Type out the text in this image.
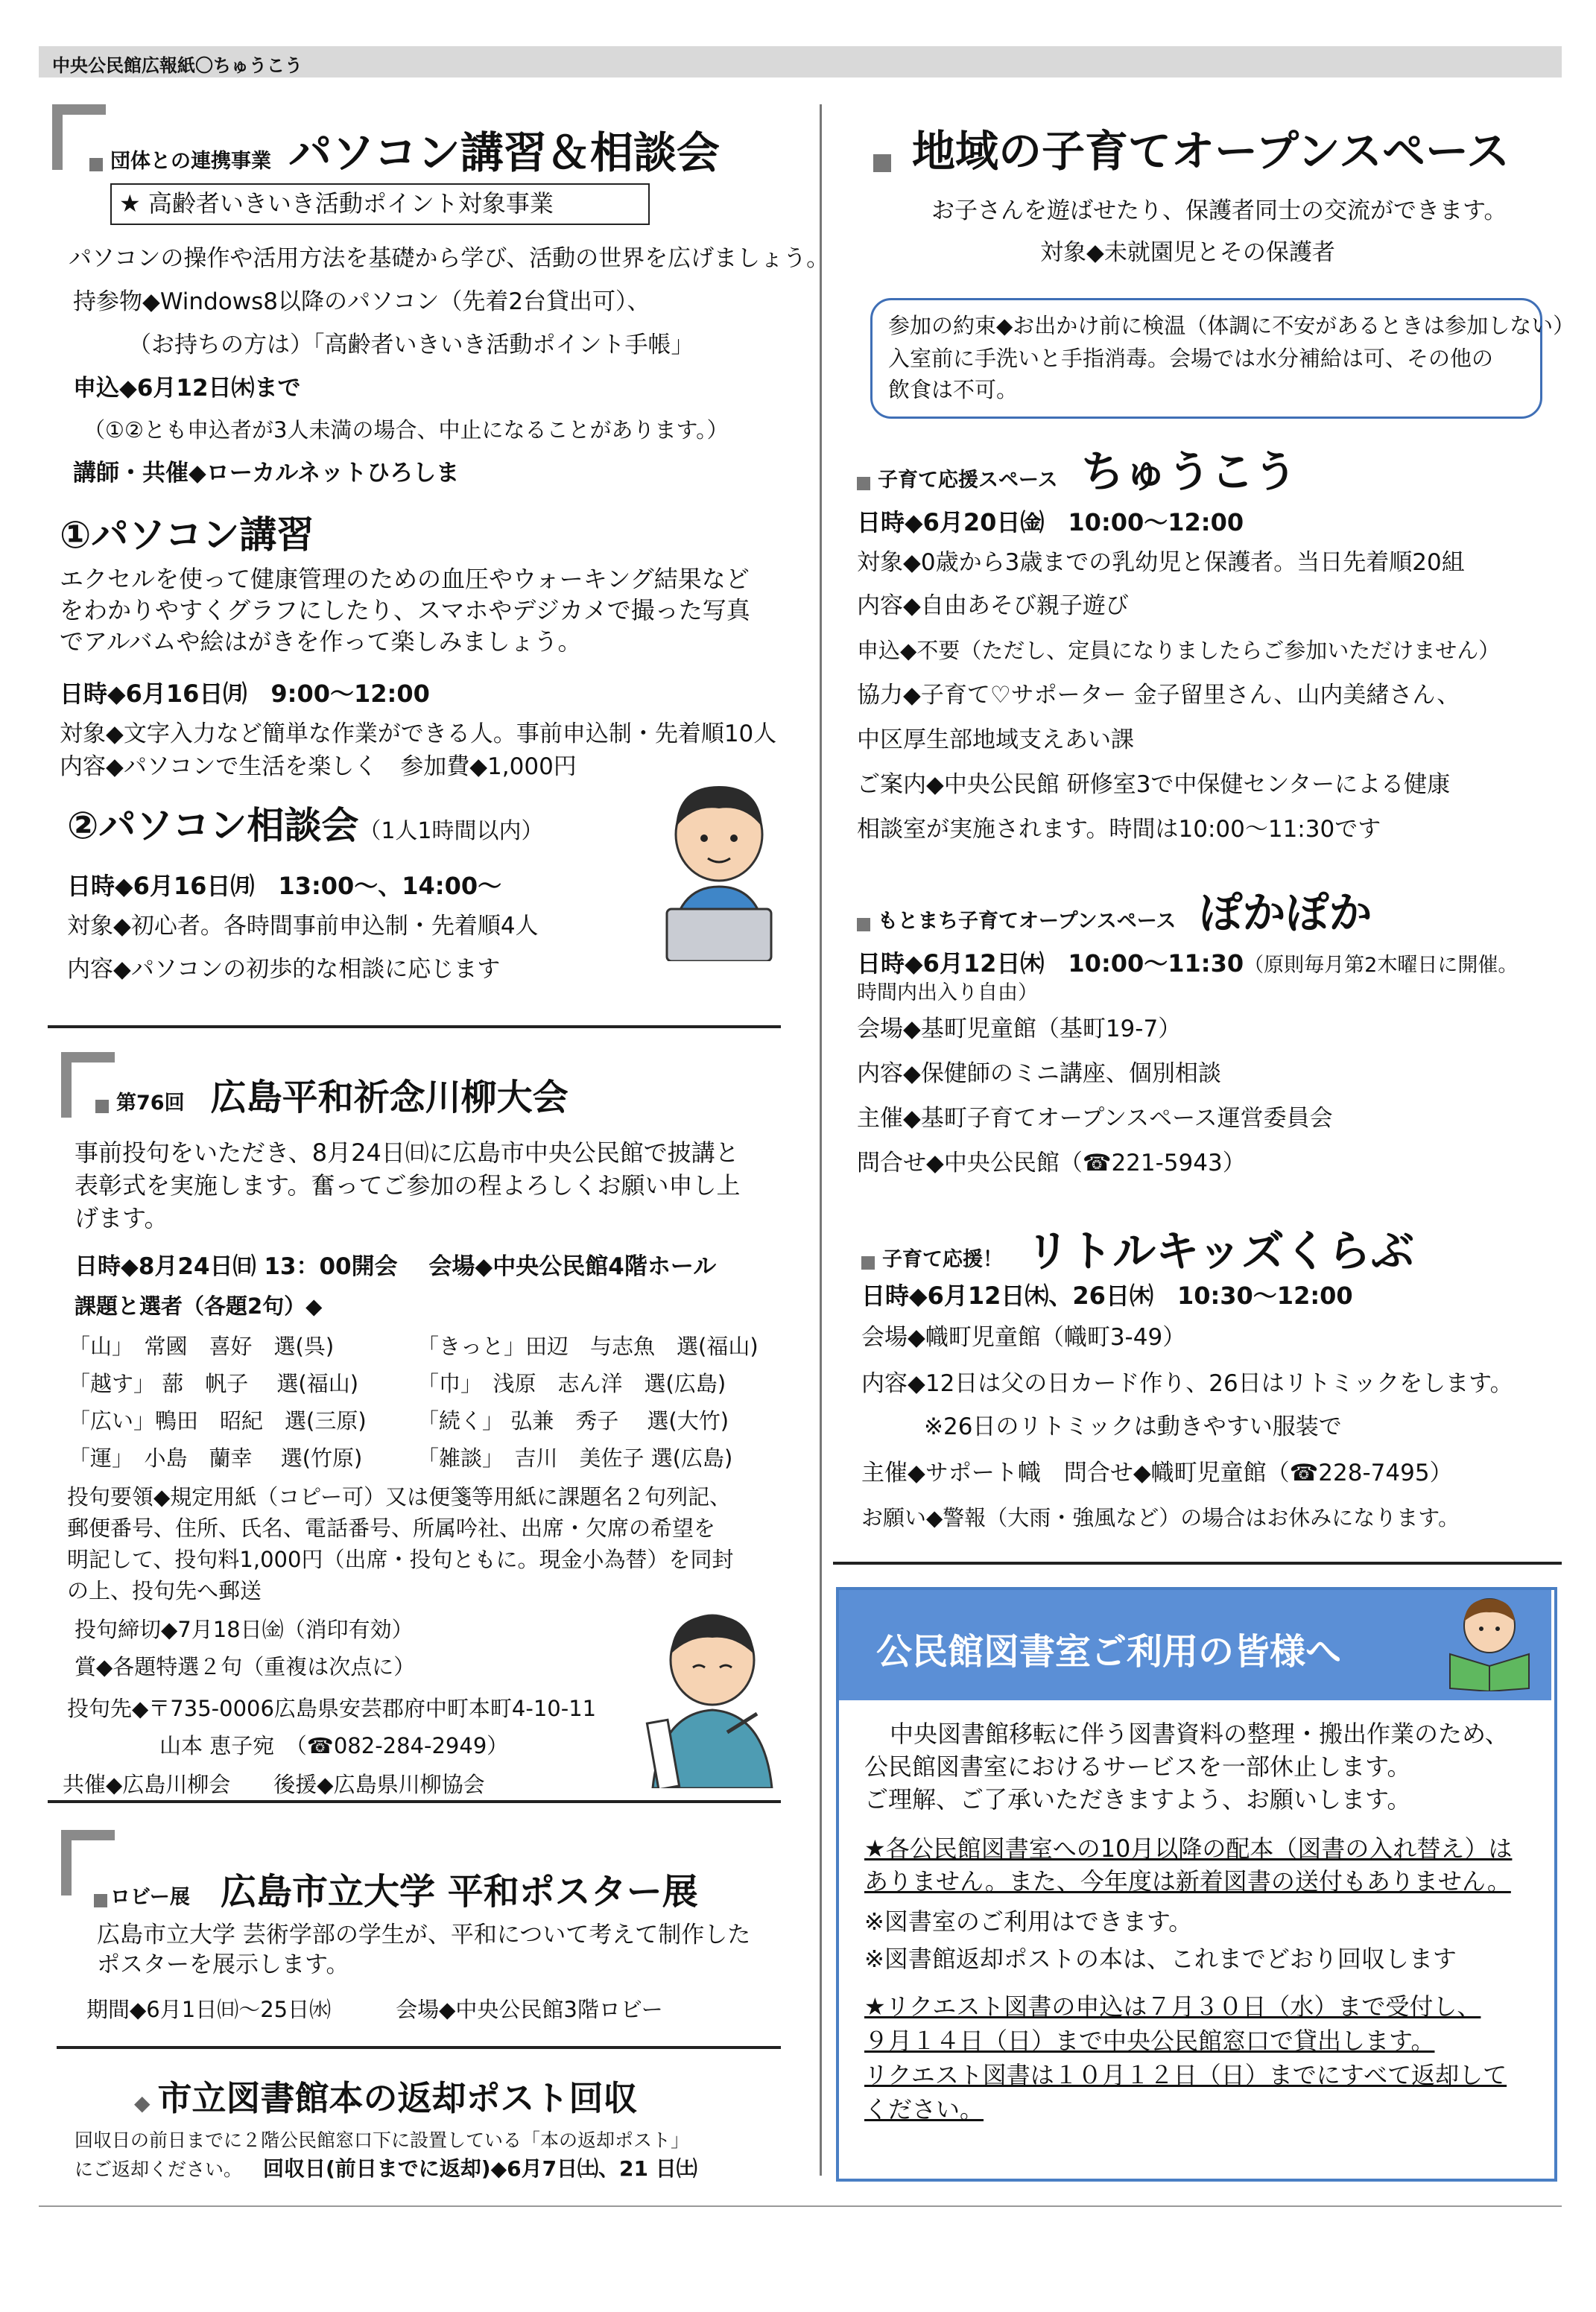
中央公民館広報紙〇ちゅうこう
団体との連携事業 パソコン講習＆相談会
★ 高齢者いきいき活動ポイント対象事業
パソコンの操作や活用方法を基礎から学び、活動の世界を広げましょう。
持参物◆Windows8以降のパソコン（先着2台貸出可）、
（お持ちの方は）「高齢者いきいき活動ポイント手帳」
申込◆6月12日㈭まで
（①②とも申込者が3人未満の場合、中止になることがあります。）
講師・共催◆ローカルネットひろしま
①パソコン講習
エクセルを使って健康管理のための血圧やウォーキング結果など
をわかりやすくグラフにしたり、スマホやデジカメで撮った写真
でアルバムや絵はがきを作って楽しみましょう。
日時◆6月16日㈪　9:00～12:00
対象◆文字入力など簡単な作業ができる人。事前申込制・先着順10人
内容◆パソコンで生活を楽しく　参加費◆1,000円
②パソコン相談会（1人1時間以内）
日時◆6月16日㈪　13:00～、14:00～
対象◆初心者。各時間事前申込制・先着順4人
内容◆パソコンの初歩的な相談に応じます
第76回 広島平和祈念川柳大会
事前投句をいただき、8月24日㈰に広島市中央公民館で披講と
表彰式を実施します。奮ってご参加の程よろしくお願い申し上
げます。
日時◆8月24日㈰ 13：00開会　 会場◆中央公民館4階ホール
課題と選者（各題2句）◆
「山」　常國　喜好　選(呉)	「きっと」田辺　与志魚　選(福山)
「越す」 蔀　帆子　 選(福山)	「巾」　浅原　志ん洋　選(広島)
「広い」鴨田　昭紀　選(三原) 「続く」 弘兼　秀子　 選(大竹)
「運」　小島　蘭幸　 選(竹原)	「雑談」　吉川　美佐子 選(広島)
投句要領◆規定用紙（コピー可）又は便箋等用紙に課題名２句列記、
郵便番号、住所、氏名、電話番号、所属吟社、出席・欠席の希望を
明記して、投句料1,000円（出席・投句ともに。現金小為替）を同封
の上、投句先へ郵送
投句締切◆7月18日㈮（消印有効）
賞◆各題特選２句（重複は次点に）
投句先◆〒735-0006広島県安芸郡府中町本町4-10-11
山本 恵子宛　（☎082-284-2949）
共催◆広島川柳会　　後援◆広島県川柳協会
ロビー展 広島市立大学 平和ポスター展
広島市立大学 芸術学部の学生が、平和について考えて制作した
ポスターを展示します。
期間◆6月1日㈰～25日㈬　　　会場◆中央公民館3階ロビー
◆ 市立図書館本の返却ポスト回収
回収日の前日までに２階公民館窓口下に設置している「本の返却ポスト」
にご返却ください。 回収日(前日までに返却)◆6月7日㈯、21 日㈯
地域の子育てオープンスペース
お子さんを遊ばせたり、保護者同士の交流ができます。
対象◆未就園児とその保護者
参加の約束◆お出かけ前に検温（体調に不安があるときは参加しない）
入室前に手洗いと手指消毒。会場では水分補給は可、その他の
飲食は不可。
子育て応援スペース ちゅうこう
日時◆6月20日㈮　10:00～12:00
対象◆0歳から3歳までの乳幼児と保護者。当日先着順20組
内容◆自由あそび親子遊び
申込◆不要（ただし、定員になりましたらご参加いただけません）
協力◆子育て♡サポーター 金子留里さん、山内美緒さん、
中区厚生部地域支えあい課
ご案内◆中央公民館 研修室3で中保健センターによる健康
相談室が実施されます。時間は10:00～11:30です
もとまち子育てオープンスペース ぽかぽか
日時◆6月12日㈭　10:00～11:30（原則毎月第2木曜日に開催。
時間内出入り自由）
会場◆基町児童館（基町19-7）
内容◆保健師のミニ講座、個別相談
主催◆基町子育てオープンスペース運営委員会
問合せ◆中央公民館（☎221-5943）
子育て応援！ リトルキッズくらぶ
日時◆6月12日㈭、26日㈭　10:30～12:00
会場◆幟町児童館（幟町3-49）
内容◆12日は父の日カード作り、26日はリトミックをします。
※26日のリトミックは動きやすい服装で
主催◆サポート幟　問合せ◆幟町児童館（☎228-7495）
お願い◆警報（大雨・強風など）の場合はお休みになります。
公民館図書室ご利用の皆様へ
中央図書館移転に伴う図書資料の整理・搬出作業のため、
公民館図書室におけるサービスを一部休止します。
ご理解、ご了承いただきますよう、お願いします。
★各公民館図書室への10月以降の配本（図書の入れ替え）は
ありません。また、今年度は新着図書の送付もありません。
※図書室のご利用はできます。
※図書館返却ポストの本は、これまでどおり回収します
★リクエスト図書の申込は７月３０日（水）まで受付し、
９月１４日（日）まで中央公民館窓口で貸出します。
リクエスト図書は１０月１２日（日）までにすべて返却して
ください。
